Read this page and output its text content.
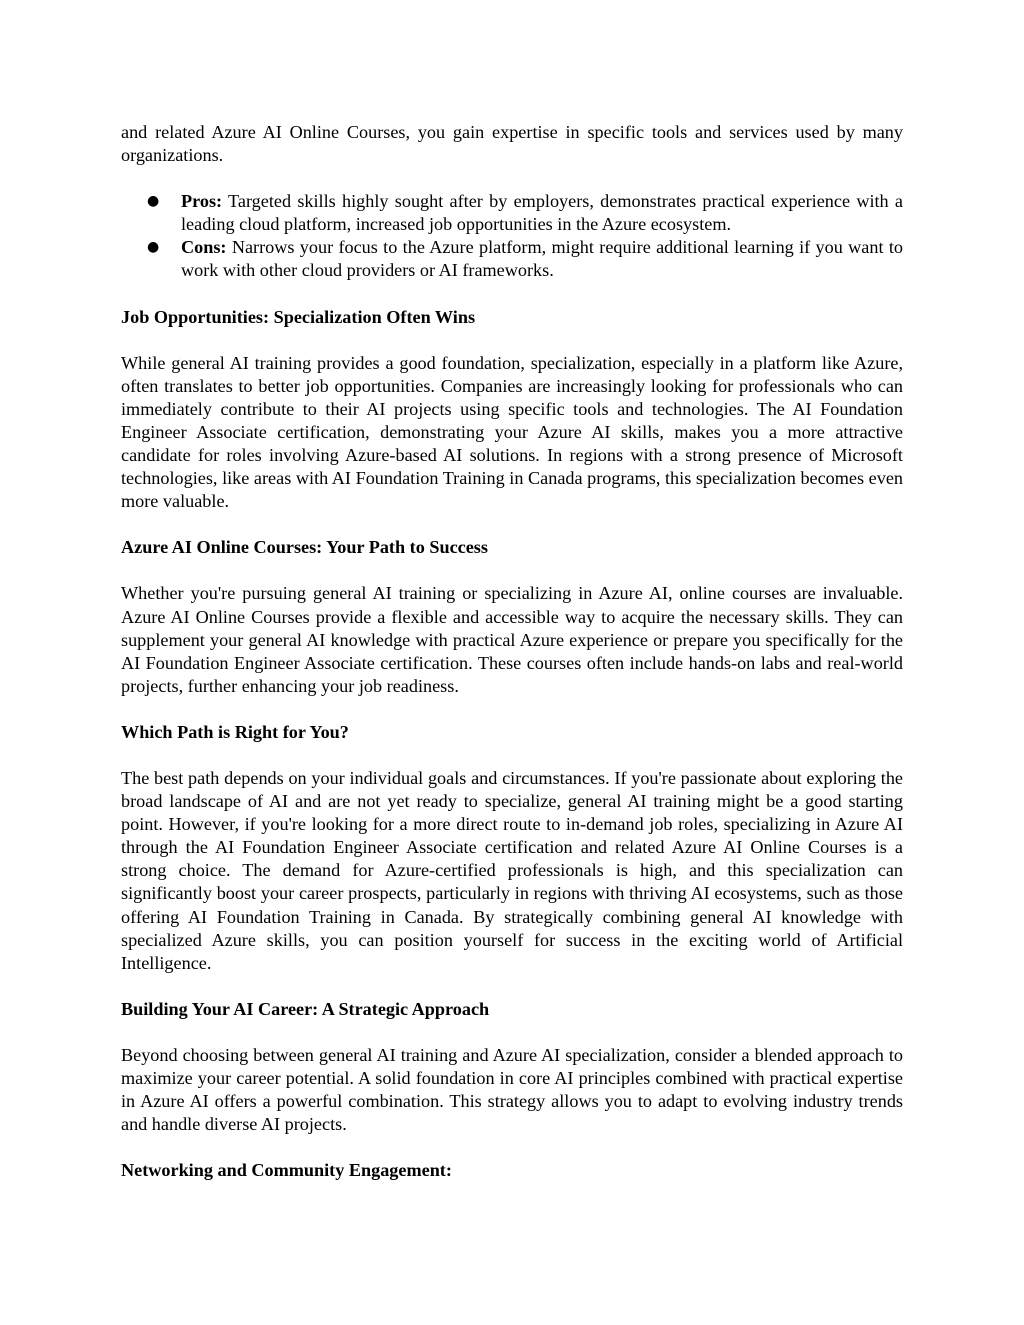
and related Azure AI Online Courses, you gain expertise in specific tools and services used by many organizations.

● Pros: Targeted skills highly sought after by employers, demonstrates practical experience with a leading cloud platform, increased job opportunities in the Azure ecosystem.
● Cons: Narrows your focus to the Azure platform, might require additional learning if you want to work with other cloud providers or AI frameworks.
Job Opportunities: Specialization Often Wins

While general AI training provides a good foundation, specialization, especially in a platform like Azure, often translates to better job opportunities. Companies are increasingly looking for professionals who can immediately contribute to their AI projects using specific tools and technologies. The AI Foundation Engineer Associate certification, demonstrating your Azure AI skills, makes you a more attractive candidate for roles involving Azure-based AI solutions. In regions with a strong presence of Microsoft technologies, like areas with AI Foundation Training in Canada programs, this specialization becomes even more valuable.

Azure AI Online Courses: Your Path to Success

Whether you're pursuing general AI training or specializing in Azure AI, online courses are invaluable. Azure AI Online Courses provide a flexible and accessible way to acquire the necessary skills. They can supplement your general AI knowledge with practical Azure experience or prepare you specifically for the AI Foundation Engineer Associate certification. These courses often include hands-on labs and real-world projects, further enhancing your job readiness.

Which Path is Right for You?

The best path depends on your individual goals and circumstances. If you're passionate about exploring the broad landscape of AI and are not yet ready to specialize, general AI training might be a good starting point. However, if you're looking for a more direct route to in-demand job roles, specializing in Azure AI through the AI Foundation Engineer Associate certification and related Azure AI Online Courses is a strong choice. The demand for Azure-certified professionals is high, and this specialization can significantly boost your career prospects, particularly in regions with thriving AI ecosystems, such as those offering AI Foundation Training in Canada. By strategically combining general AI knowledge with specialized Azure skills, you can position yourself for success in the exciting world of Artificial Intelligence.

Building Your AI Career: A Strategic Approach

Beyond choosing between general AI training and Azure AI specialization, consider a blended approach to maximize your career potential. A solid foundation in core AI principles combined with practical expertise in Azure AI offers a powerful combination. This strategy allows you to adapt to evolving industry trends and handle diverse AI projects.

Networking and Community Engagement:
